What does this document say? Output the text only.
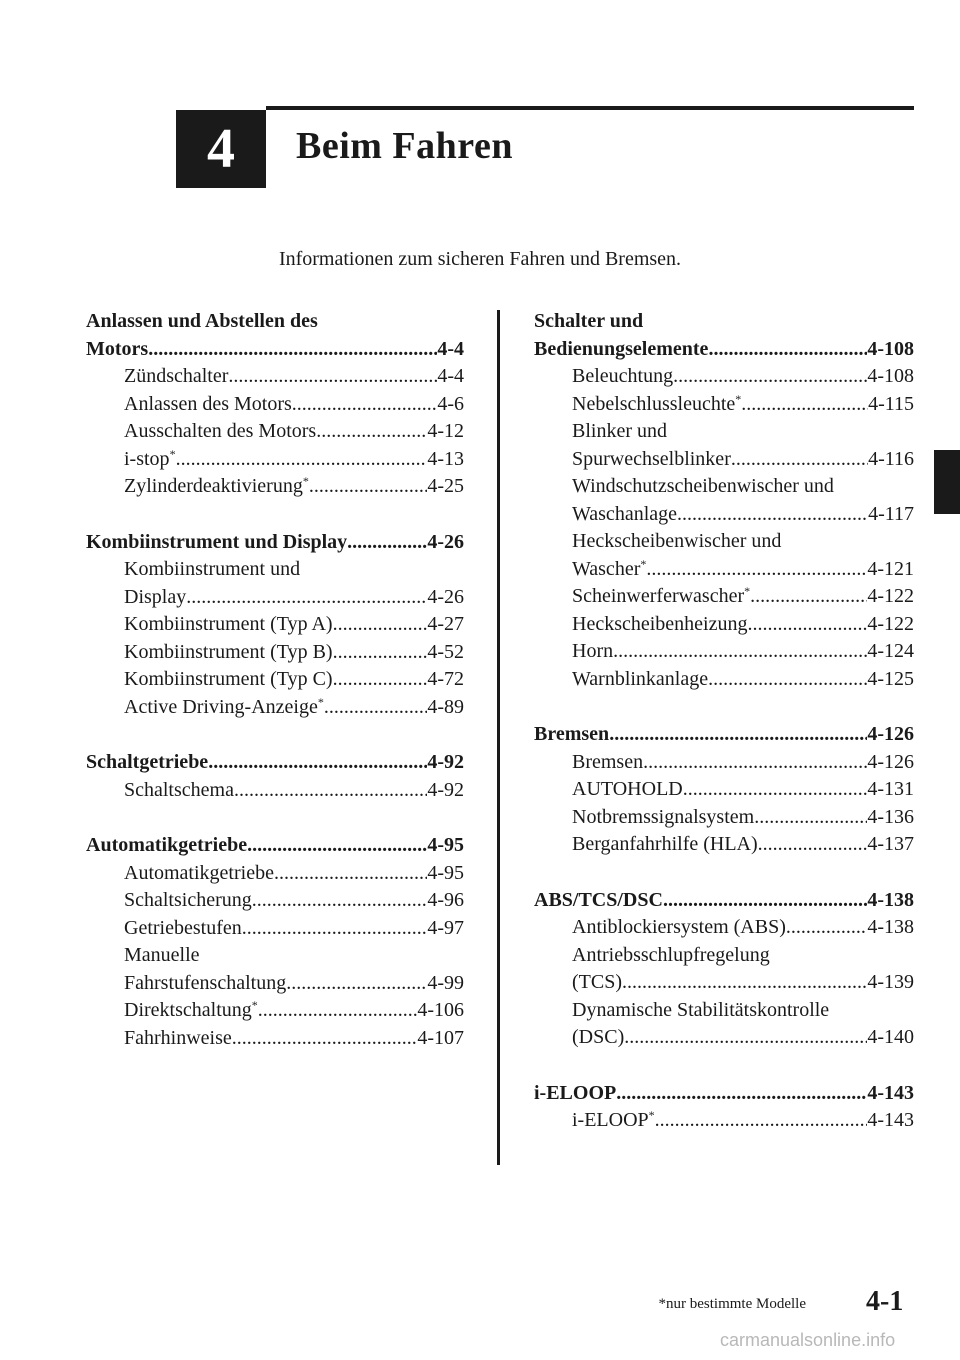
4 Beim Fahren
Informationen zum sicheren Fahren und Bremsen.
Anlassen und Abstellen des
Motors .....	4-4
Zündschalter .....	4-4
Anlassen des Motors .....	4-6
Ausschalten des Motors .....	4-12
i-stop* .....	4-13
Zylinderdeaktivierung* .....	4-25
Kombiinstrument und Display .....	4-26
Kombiinstrument und
Display .....	4-26
Kombiinstrument (Typ A) .....	4-27
Kombiinstrument (Typ B) .....	4-52
Kombiinstrument (Typ C) .....	4-72
Active Driving-Anzeige* .....	4-89
Schaltgetriebe .....	4-92
Schaltschema .....	4-92
Automatikgetriebe .....	4-95
Automatikgetriebe .....	4-95
Schaltsicherung .....	4-96
Getriebestufen .....	4-97
Manuelle
Fahrstufenschaltung .....	4-99
Direktschaltung* .....	4-106
Fahrhinweise .....	4-107
Schalter und
Bedienungselemente .....	4-108
Beleuchtung .....	4-108
Nebelschlussleuchte* .....	4-115
Blinker und
Spurwechselblinker .....	4-116
Windschutzscheibenwischer und
Waschanlage .....	4-117
Heckscheibenwischer und
Wascher* .....	4-121
Scheinwerferwascher* .....	4-122
Heckscheibenheizung .....	4-122
Horn .....	4-124
Warnblinkanlage .....	4-125
Bremsen .....	4-126
Bremsen .....	4-126
AUTOHOLD .....	4-131
Notbremssignalsystem .....	4-136
Berganfahrhilfe (HLA) .....	4-137
ABS/TCS/DSC .....	4-138
Antiblockiersystem (ABS) .....	4-138
Antriebsschlupfregelung
(TCS) .....	4-139
Dynamische Stabilitätskontrolle
(DSC) .....	4-140
i-ELOOP .....	4-143
i-ELOOP* .....	4-143
*nur bestimmte Modelle 4-1
carmanualsonline.info
